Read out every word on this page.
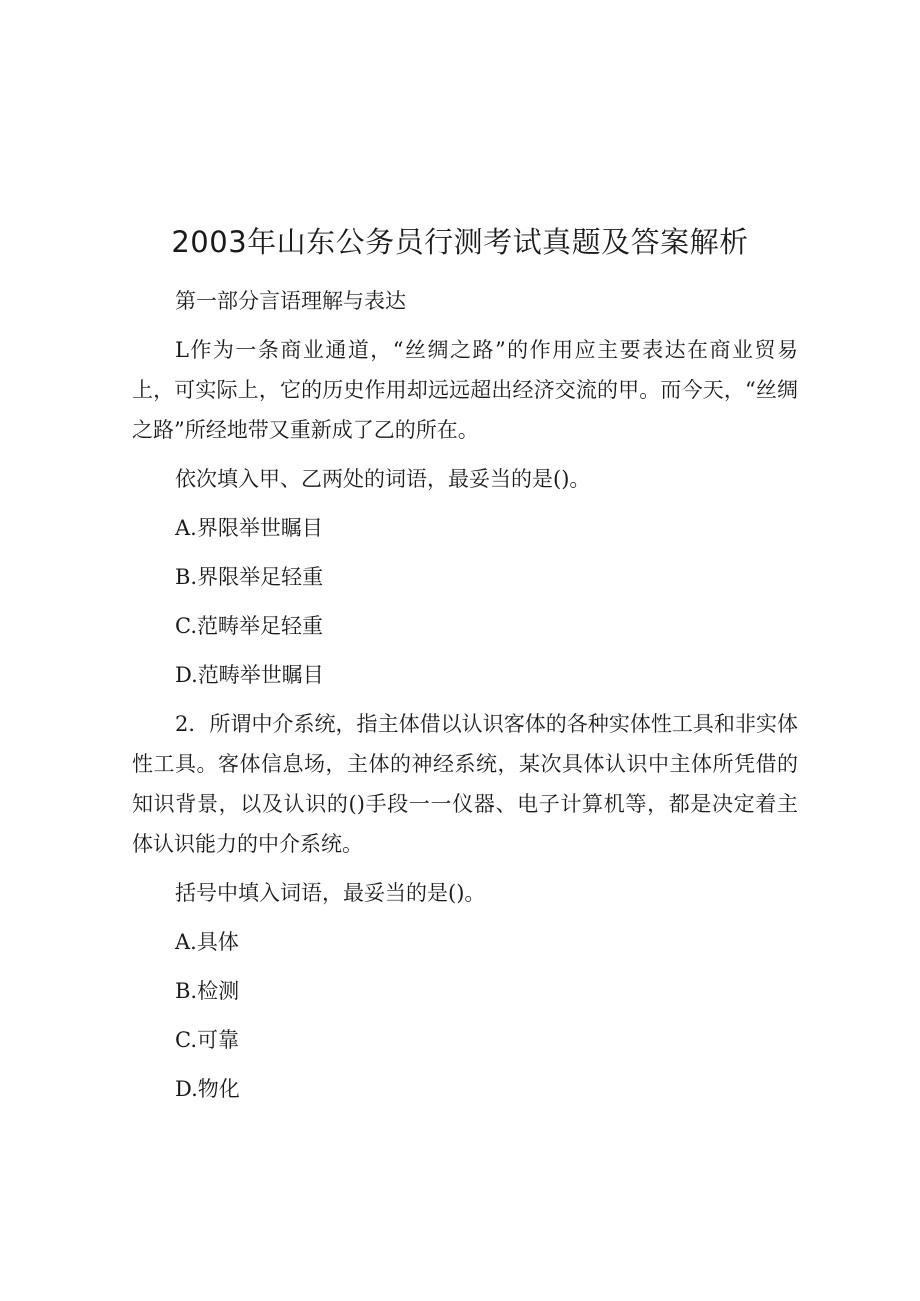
2003年山东公务员行测考试真题及答案解析

第一部分言语理解与表达

L作为一条商业通道，“丝绸之路”的作用应主要表达在商业贸易上，可实际上，它的历史作用却远远超出经济交流的甲。而今天，“丝绸之路”所经地带又重新成了乙的所在。

依次填入甲、乙两处的词语，最妥当的是()。

A.界限举世瞩目

B.界限举足轻重

C.范畴举足轻重

D.范畴举世瞩目

2．所谓中介系统，指主体借以认识客体的各种实体性工具和非实体性工具。客体信息场，主体的神经系统，某次具体认识中主体所凭借的知识背景，以及认识的()手段一一仪器、电子计算机等，都是决定着主体认识能力的中介系统。

括号中填入词语，最妥当的是()。

A.具体

B.检测

C.可靠

D.物化
